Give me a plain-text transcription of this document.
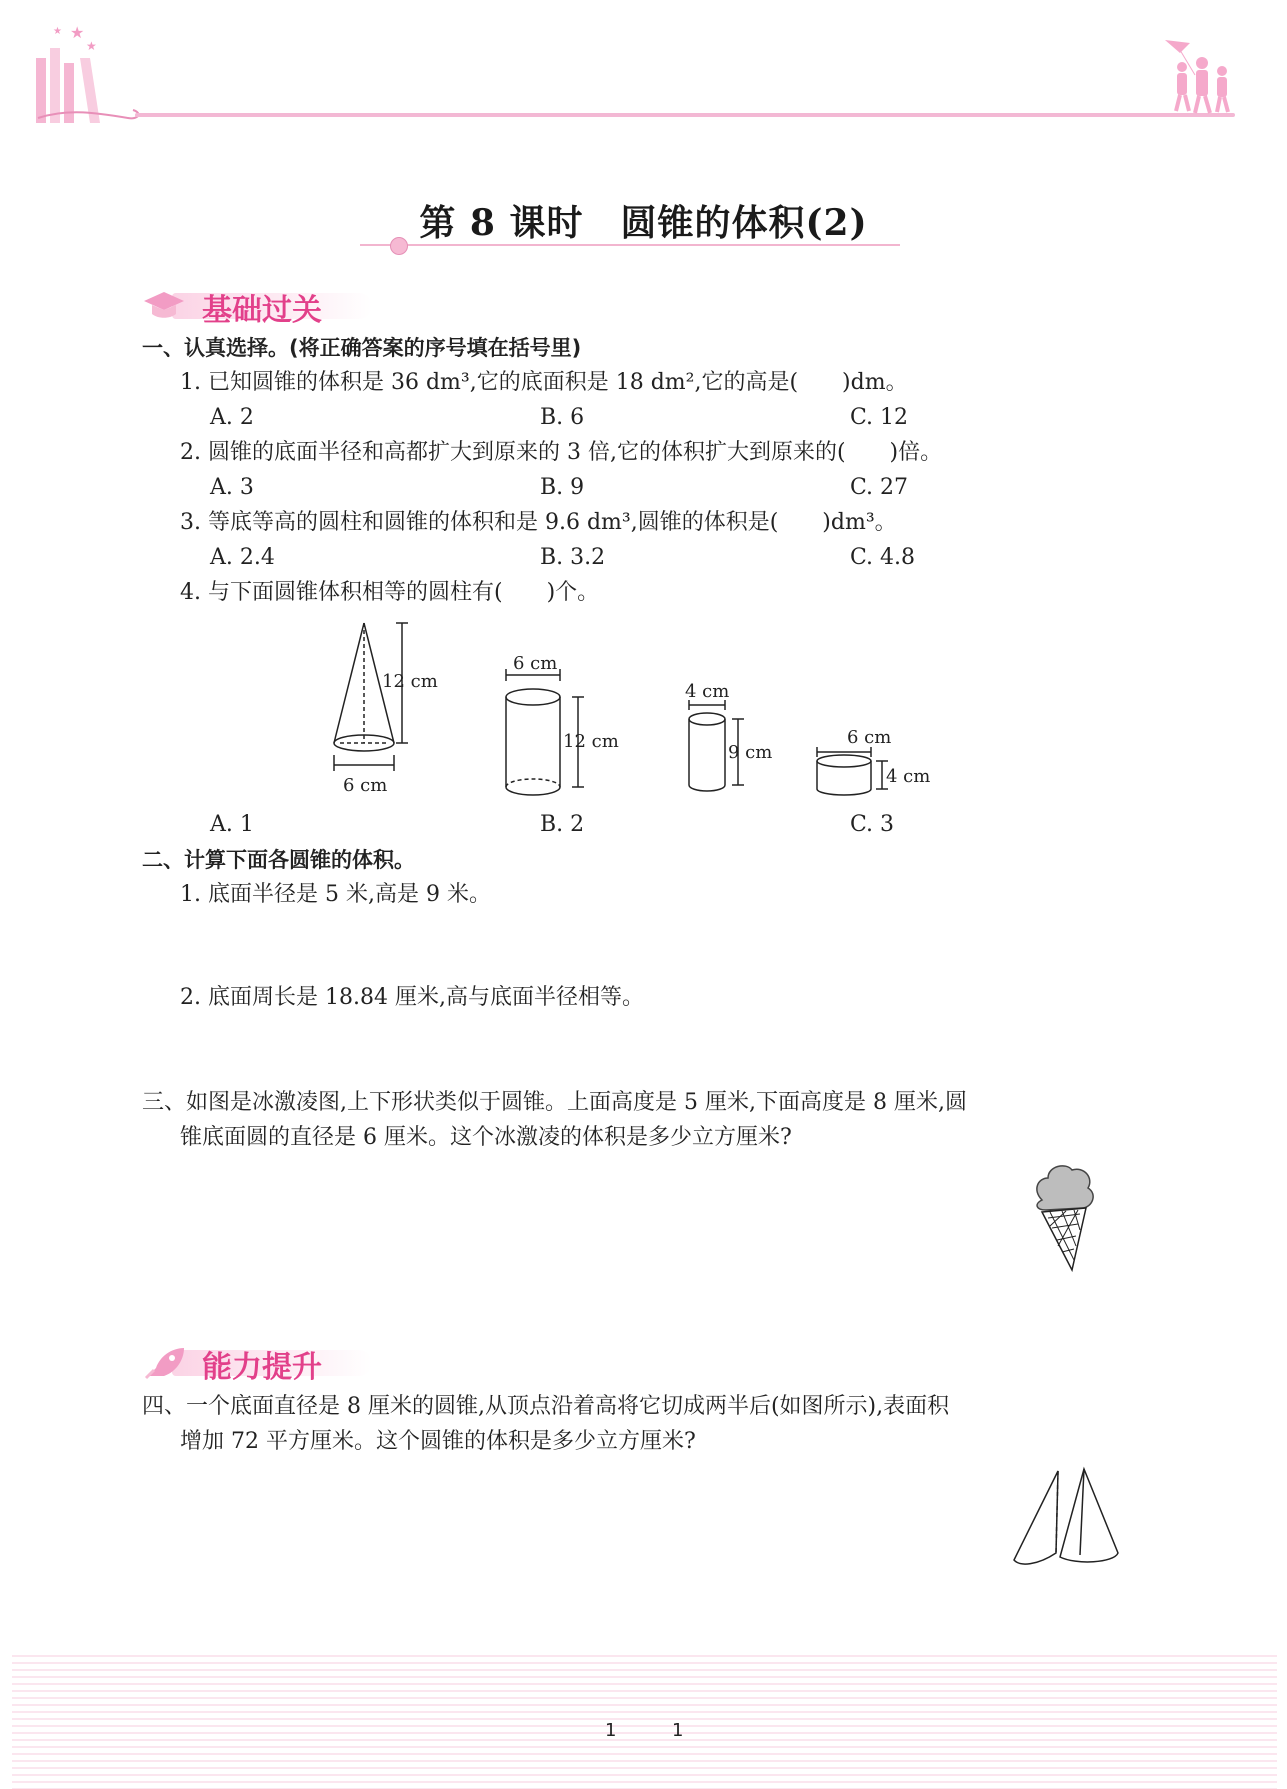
★
★
★
第 8 课时　圆锥的体积(2)
基础过关
一、认真选择。(将正确答案的序号填在括号里)
1. 已知圆锥的体积是 36 dm³,它的底面积是 18 dm²,它的高是(　　)dm。
A. 2	B. 6	C. 12
2. 圆锥的底面半径和高都扩大到原来的 3 倍,它的体积扩大到原来的(　　)倍。
A. 3	B. 9	C. 27
3. 等底等高的圆柱和圆锥的体积和是 9.6 dm³,圆锥的体积是(　　)dm³。
A. 2.4	B. 3.2	C. 4.8
4. 与下面圆锥体积相等的圆柱有(　　)个。
12 cm
6 cm
6 cm
12 cm
4 cm
9 cm
6 cm
4 cm
A. 1	B. 2	C. 3
二、计算下面各圆锥的体积。
1. 底面半径是 5 米,高是 9 米。
2. 底面周长是 18.84 厘米,高与底面半径相等。
三、如图是冰激凌图,上下形状类似于圆锥。上面高度是 5 厘米,下面高度是 8 厘米,圆
锥底面圆的直径是 6 厘米。这个冰激凌的体积是多少立方厘米?
能力提升
四、一个底面直径是 8 厘米的圆锥,从顶点沿着高将它切成两半后(如图所示),表面积
增加 72 平方厘米。这个圆锥的体积是多少立方厘米?
1	1
